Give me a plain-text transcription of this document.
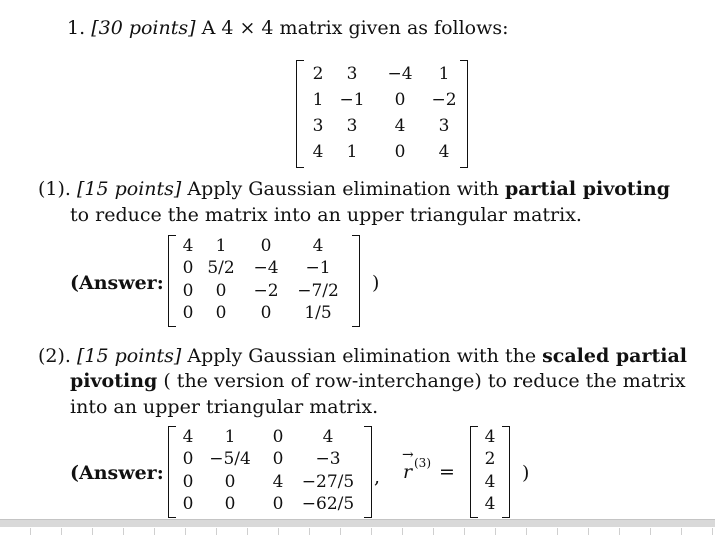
1. [30 points] A 4 × 4 matrix given as follows:
2 3 −4 1
1 −1 0 −2
3 3 4 3
4 1 0 4
(1). [15 points] Apply Gaussian elimination with partial pivoting
to reduce the matrix into an upper triangular matrix.
(Answer:
4 1 0 4
0 5/2 −4 −1
0 0 −2 −7/2
0 0 0 1/5
)
(2). [15 points] Apply Gaussian elimination with the scaled partial
pivoting ( the version of row-interchange) to reduce the matrix
into an upper triangular matrix.
(Answer:
4 1 0 4
0 −5/4 0 −3
0 0 4 −27/5
0 0 0 −62/5
,
→
r (3) =
4
2
4
4
)
